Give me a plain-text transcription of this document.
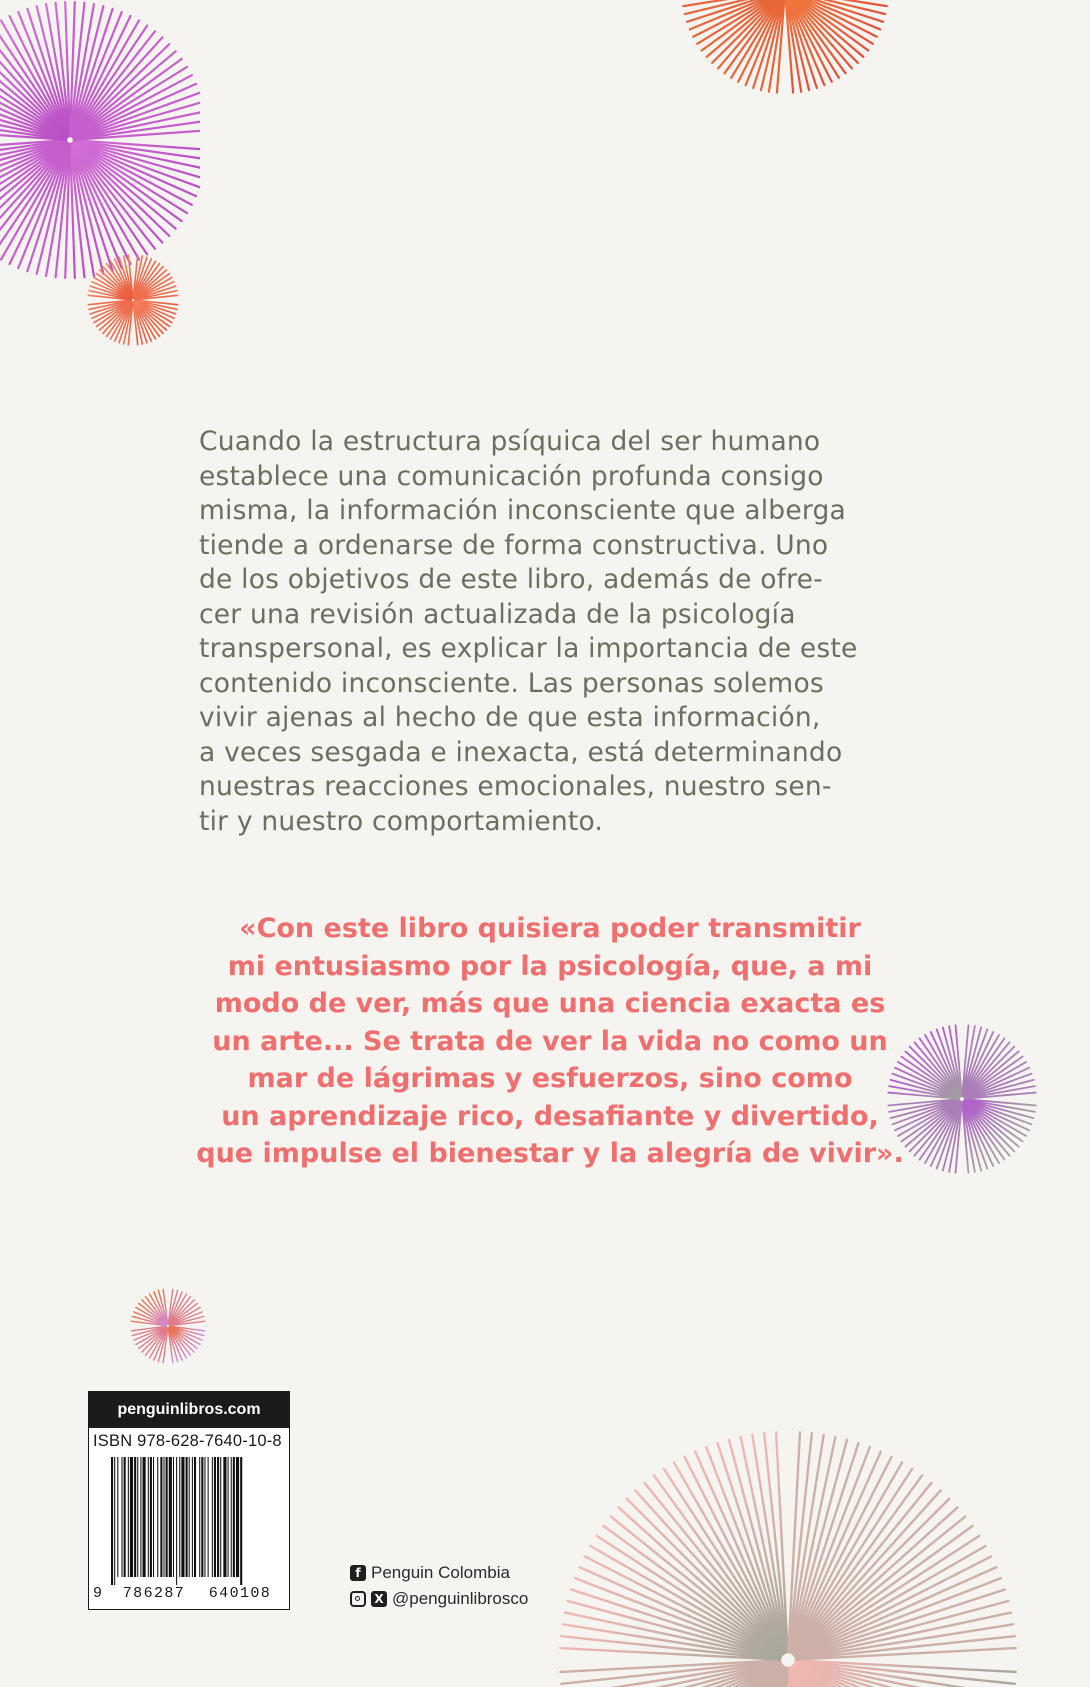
Cuando la estructura psíquica del ser humano

establece una comunicación profunda consigo

misma, la información inconsciente que alberga

tiende a ordenarse de forma constructiva. Uno

de los objetivos de este libro, además de ofre-

cer una revisión actualizada de la psicología

transpersonal, es explicar la importancia de este

contenido inconsciente. Las personas solemos

vivir ajenas al hecho de que esta información,

a veces sesgada e inexacta, está determinando

nuestras reacciones emocionales, nuestro sen-

tir y nuestro comportamiento.

«Con este libro quisiera poder transmitir

mi entusiasmo por la psicología, que, a mi

modo de ver, más que una ciencia exacta es

un arte... Se trata de ver la vida no como un

mar de lágrimas y esfuerzos, sino como

un aprendizaje rico, desafiante y divertido,

que impulse el bienestar y la alegría de vivir».

penguinlibros.com
ISBN 978-628-7640-10-8
9	786287	640108
f Penguin Colombia
X @penguinlibrosco
